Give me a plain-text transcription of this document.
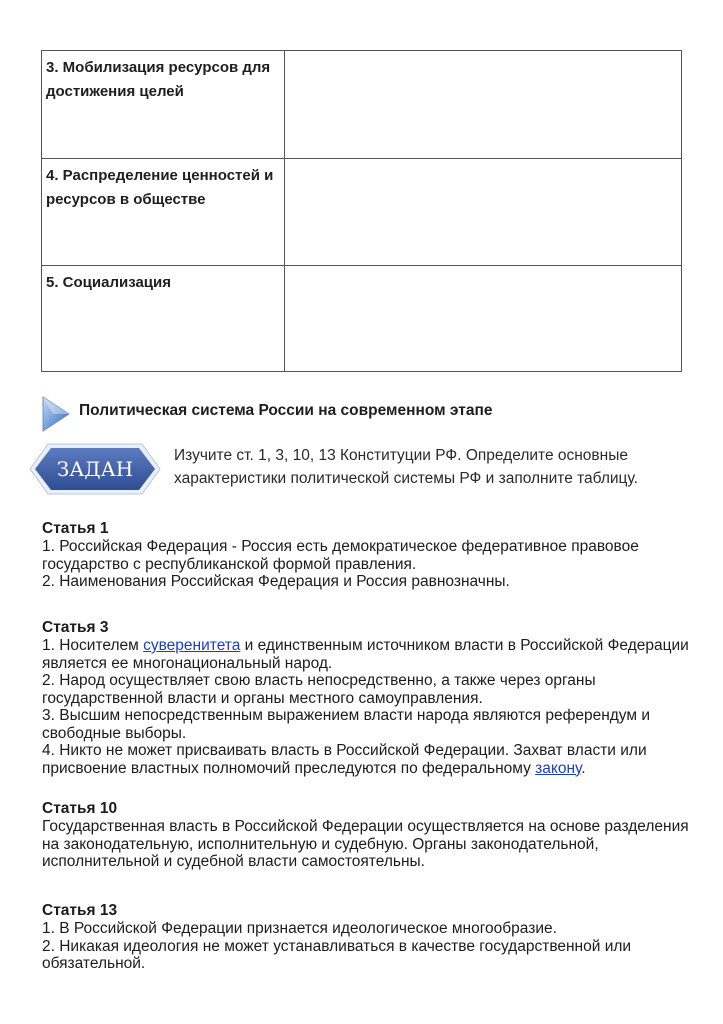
3. Мобилизация ресурсов для достижения целей	

4. Распределение ценностей и ресурсов в обществе	

5. Социализация	

Политическая система России на современном этапе
ЗАДАН

Изучите ст. 1, 3, 10, 13 Конституции РФ. Определите основные характеристики политической системы РФ и заполните таблицу.

Статья 1

1. Российская Федерация - Россия есть демократическое федеративное правовое государство с республиканской формой правления.

2. Наименования Российская Федерация и Россия равнозначны.

Статья 3

1. Носителем суверенитета и единственным источником власти в Российской Федерации является ее многонациональный народ.

2. Народ осуществляет свою власть непосредственно, а также через органы государственной власти и органы местного самоуправления.

3. Высшим непосредственным выражением власти народа являются референдум и свободные выборы.

4. Никто не может присваивать власть в Российской Федерации. Захват власти или присвоение властных полномочий преследуются по федеральному закону.

Статья 10

Государственная власть в Российской Федерации осуществляется на основе разделения на законодательную, исполнительную и судебную. Органы законодательной, исполнительной и судебной власти самостоятельны.

Статья 13

1. В Российской Федерации признается идеологическое многообразие.

2. Никакая идеология не может устанавливаться в качестве государственной или обязательной.
